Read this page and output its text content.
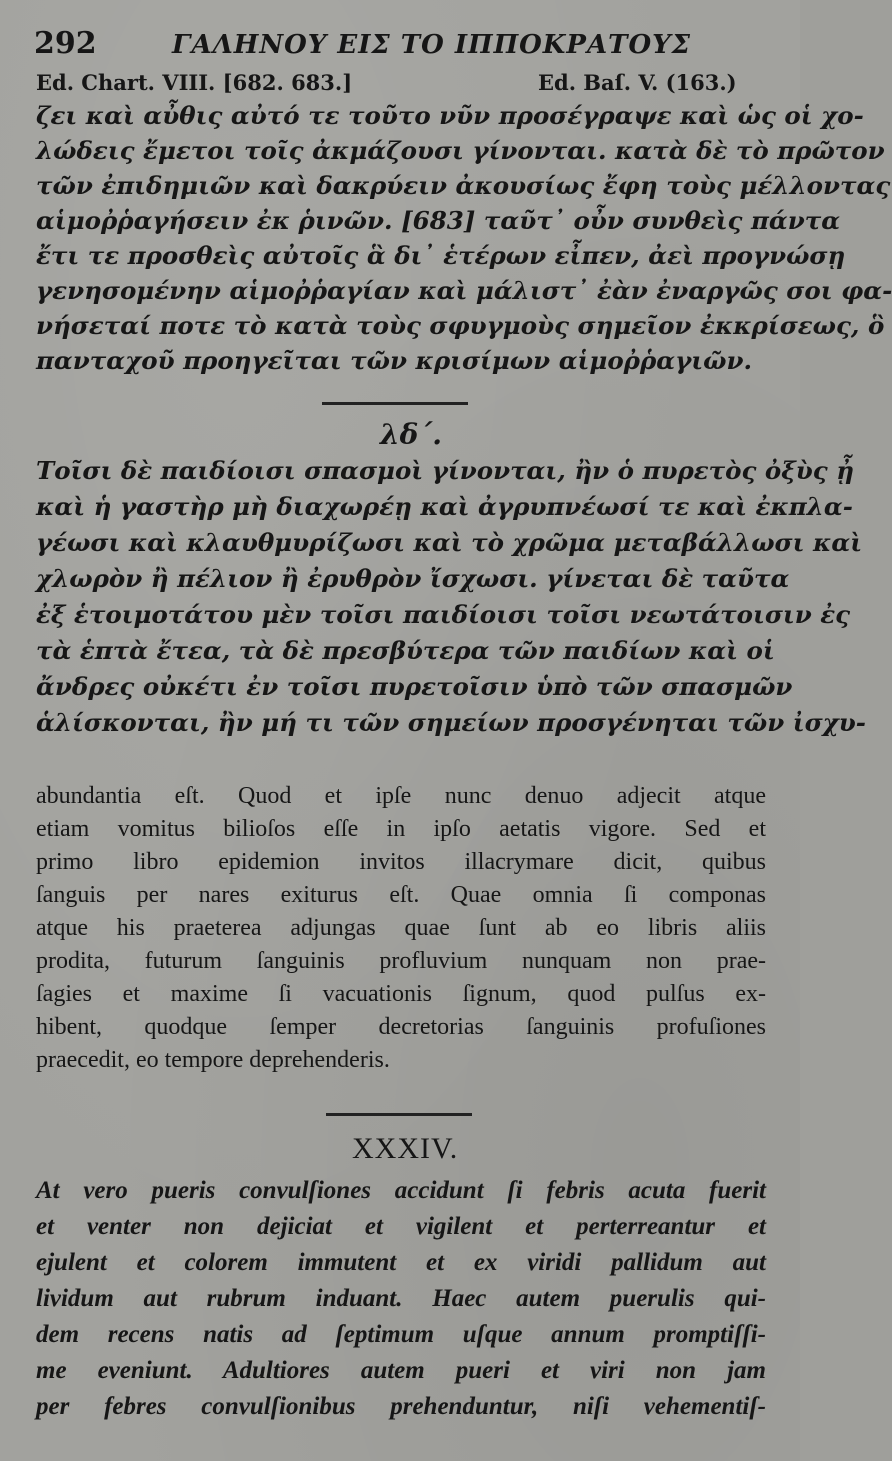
292	ΓΑΛΗΝΟΥ ΕΙΣ ΤΟ ΙΠΠΟΚΡΑΤΟΥΣ
Ed. Chart. VIII. [682. 683.]	Ed. Baſ. V. (163.)
ζει καὶ αὖθις αὐτό τε τοῦτο νῦν προσέγραψε καὶ ὡς οἱ χο-
λώδεις ἔμετοι τοῖς ἀκμάζουσι γίνονται. κατὰ δὲ τὸ πρῶτον
τῶν ἐπιδημιῶν καὶ δακρύειν ἀκουσίως ἔφη τοὺς μέλλοντας
αἱμοῤῥαγήσειν ἐκ ῥινῶν. [683] ταῦτ᾽ οὖν συνθεὶς πάντα
ἔτι τε προσθεὶς αὐτοῖς ἃ δι᾽ ἑτέρων εἶπεν, ἀεὶ προγνώσῃ
γενησομένην αἱμοῤῥαγίαν καὶ μάλιστ᾽ ἐὰν ἐναργῶς σοι φα-
νήσεταί ποτε τὸ κατὰ τοὺς σφυγμοὺς σημεῖον ἐκκρίσεως, ὃ
πανταχοῦ προηγεῖται τῶν κρισίμων αἱμοῤῥαγιῶν.
λδ΄.
Τοῖσι δὲ παιδίοισι σπασμοὶ γίνονται, ἢν ὁ πυρετὸς ὀξὺς ᾖ
καὶ ἡ γαστὴρ μὴ διαχωρέῃ καὶ ἀγρυπνέωσί τε καὶ ἐκπλα-
γέωσι καὶ κλαυθμυρίζωσι καὶ τὸ χρῶμα μεταβάλλωσι καὶ
χλωρὸν ἢ πέλιον ἢ ἐρυθρὸν ἴσχωσι. γίνεται δὲ ταῦτα
ἐξ ἑτοιμοτάτου μὲν τοῖσι παιδίοισι τοῖσι νεωτάτοισιν ἐς
τὰ ἑπτὰ ἔτεα, τὰ δὲ πρεσβύτερα τῶν παιδίων καὶ οἱ
ἄνδρες οὐκέτι ἐν τοῖσι πυρετοῖσιν ὑπὸ τῶν σπασμῶν
ἁλίσκονται, ἢν μή τι τῶν σημείων προσγένηται τῶν ἰσχυ-
abundantia eſt. Quod et ipſe nunc denuo adjecit atque
etiam vomitus bilioſos eſſe in ipſo aetatis vigore. Sed et
primo libro epidemion invitos illacrymare dicit, quibus
ſanguis per nares exiturus eſt. Quae omnia ſi componas
atque his praeterea adjungas quae ſunt ab eo libris aliis
prodita, futurum ſanguinis profluvium nunquam non prae-
ſagies et maxime ſi vacuationis ſignum, quod pulſus ex-
hibent, quodque ſemper decretorias ſanguinis profuſiones
praecedit, eo tempore deprehenderis.
XXXIV.
At vero pueris convulſiones accidunt ſi febris acuta fuerit
et venter non dejiciat et vigilent et perterreantur et
ejulent et colorem immutent et ex viridi pallidum aut
lividum aut rubrum induant. Haec autem puerulis qui-
dem recens natis ad ſeptimum uſque annum promptiſſi-
me eveniunt. Adultiores autem pueri et viri non jam
per febres convulſionibus prehenduntur, niſi vehementiſ-
